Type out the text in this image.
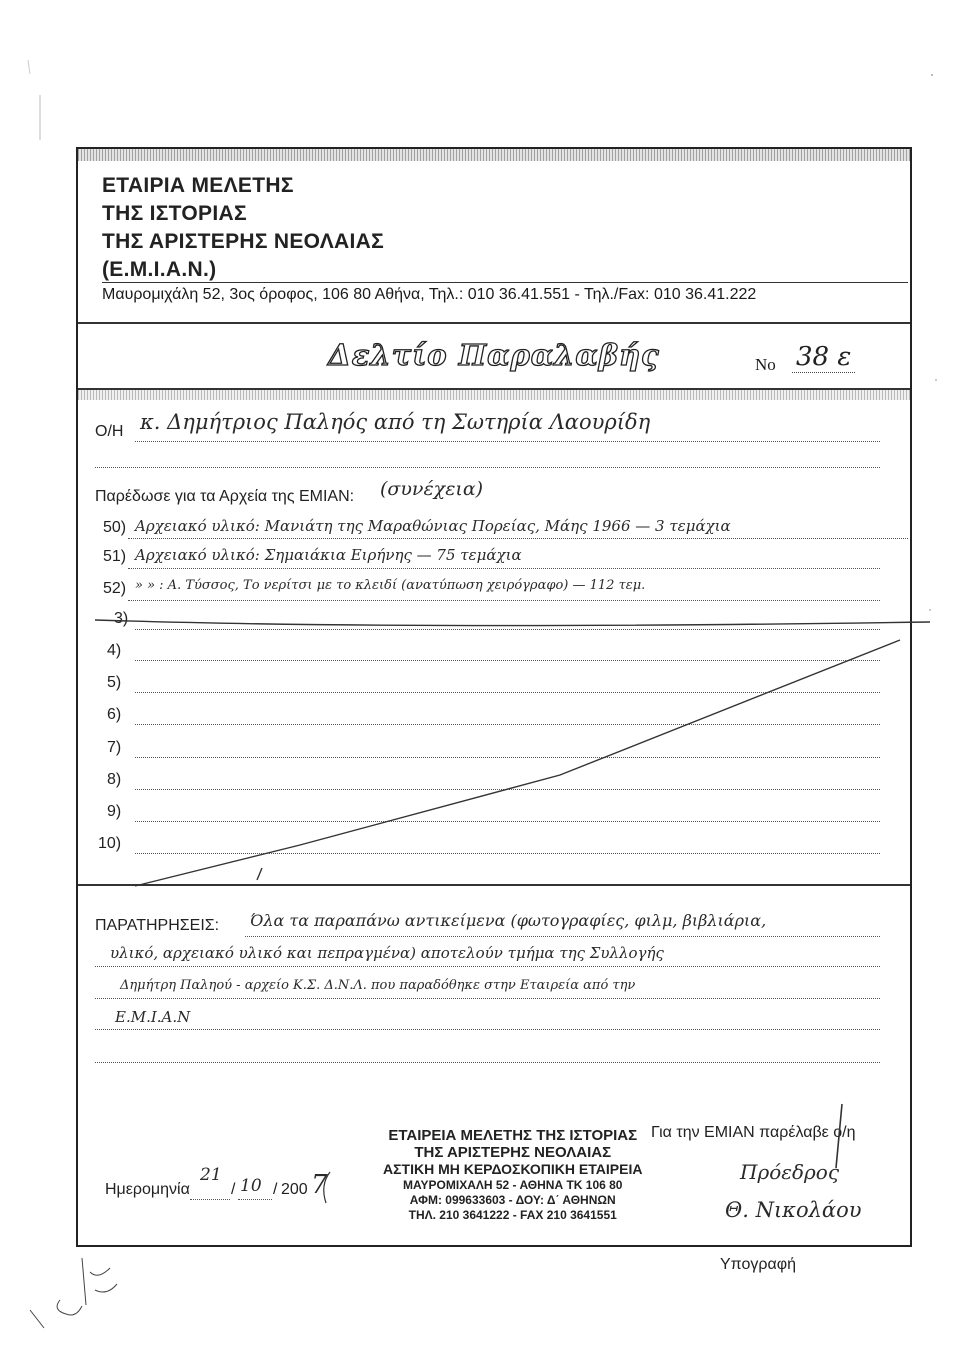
ΕΤΑΙΡΙΑ ΜΕΛΕΤΗΣ
ΤΗΣ ΙΣΤΟΡΙΑΣ
ΤΗΣ ΑΡΙΣΤΕΡΗΣ ΝΕΟΛΑΙΑΣ
(Ε.Μ.Ι.Α.Ν.)
Μαυρομιχάλη 52, 3ος όροφος, 106 80 Αθήνα, Τηλ.: 010 36.41.551 - Τηλ./Fax: 010 36.41.222
Δελτίο Παραλαβής	No 38 ε
Ο/Η κ. Δημήτριος Παληός από τη Σωτηρία Λαουρίδη
Παρέδωσε για τα Αρχεία της ΕΜΙΑΝ: (συνέχεια)
50) Αρχειακό υλικό: Μανιάτη της Μαραθώνιας Πορείας, Μάης 1966 — 3 τεμάχια
51) Αρχειακό υλικό: Σημαιάκια Ειρήνης — 75 τεμάχια
52) » » : Α. Τύσσος, Το νερίτσι με το κλειδί (ανατύπωση χειρόγραφο) — 112 τεμ.
3)
4)
5)
6)
7)
8)
9)
10)
ΠΑΡΑΤΗΡΗΣΕΙΣ: Όλα τα παραπάνω αντικείμενα (φωτογραφίες, φιλμ, βιβλιάρια,
υλικό, αρχειακό υλικό και πεπραγμένα) αποτελούν τμήμα της Συλλογής
Δημήτρη Παληού - αρχείο Κ.Σ. Δ.Ν.Λ. που παραδόθηκε στην Εταιρεία από την
Ε.Μ.Ι.Α.Ν
ΕΤΑΙΡΕΙΑ ΜΕΛΕΤΗΣ ΤΗΣ ΙΣΤΟΡΙΑΣ
ΤΗΣ ΑΡΙΣΤΕΡΗΣ ΝΕΟΛΑΙΑΣ
ΑΣΤΙΚΗ ΜΗ ΚΕΡΔΟΣΚΟΠΙΚΗ ΕΤΑΙΡΕΙΑ
ΜΑΥΡΟΜΙΧΑΛΗ 52 - ΑΘΗΝΑ ΤΚ 106 80
ΑΦΜ: 099633603 - ΔΟΥ: Δ΄ ΑΘΗΝΩΝ
ΤΗΛ. 210 3641222 - FAX 210 3641551
Ημερομηνία
21
/ 10 / 200 7
Για την ΕΜΙΑΝ παρέλαβε ο/η
Πρόεδρος
Θ. Νικολάου
Υπογραφή
